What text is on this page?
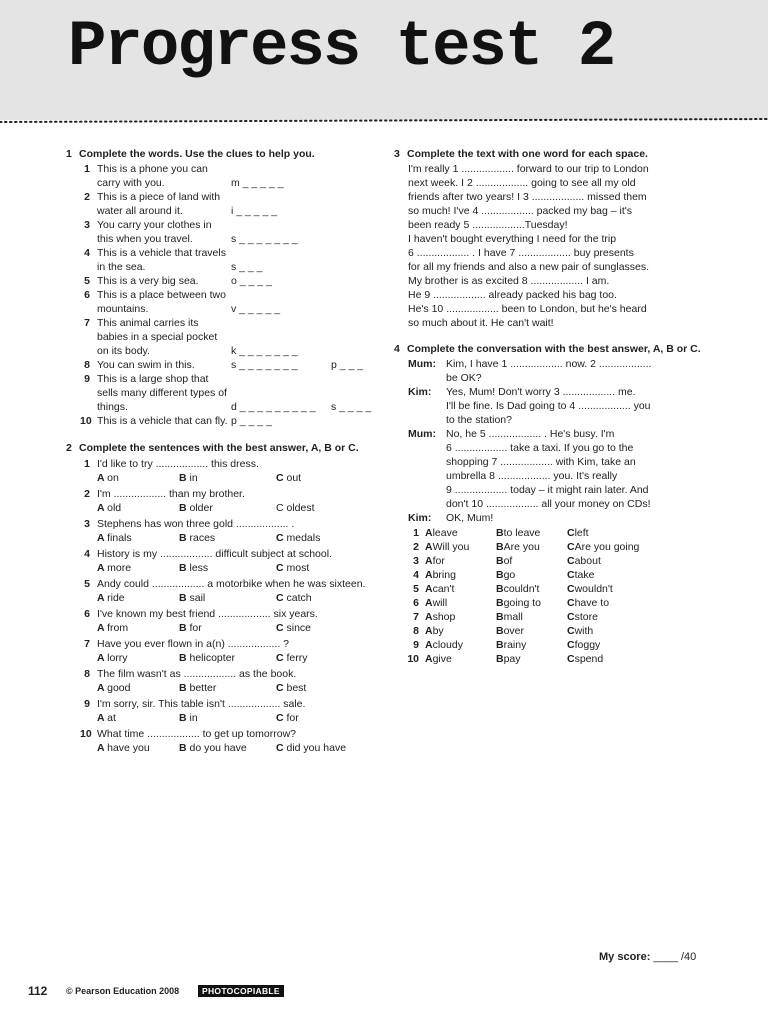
Progress test 2
1 Complete the words. Use the clues to help you.
1 This is a phone you can carry with you.	m _ _ _ _ _
2 This is a piece of land with water all around it.	i _ _ _ _ _
3 You carry your clothes in this when you travel.	s _ _ _ _ _ _ _
4 This is a vehicle that travels in the sea.	s _ _ _
5 This is a very big sea.	o _ _ _ _
6 This is a place between two mountains.	v _ _ _ _ _
7 This animal carries its babies in a special pocket on its body.	k _ _ _ _ _ _ _
8 You can swim in this.	s _ _ _ _ _ _ _	p _ _ _
9 This is a large shop that sells many different types of things.	d _ _ _ _ _ _ _ _ _ s _ _ _ _
10 This is a vehicle that can fly. p _ _ _ _
2 Complete the sentences with the best answer, A, B or C.
1 I'd like to try .................. this dress.
A on	B in	C out
2 I'm .................. than my brother.
A old	B older	C oldest
3 Stephens has won three gold .................. .
A finals	B races	C medals
4 History is my .................. difficult subject at school.
A more	B less	C most
5 Andy could .................. a motorbike when he was sixteen.
A ride	B sail	C catch
6 I've known my best friend .................. six years.
A from	B for	C since
7 Have you ever flown in a(n) .................. ?
A lorry	B helicopter	C ferry
8 The film wasn't as .................. as the book.
A good	B better	C best
9 I'm sorry, sir. This table isn't .................. sale.
A at	B in	C for
10 What time .................. to get up tomorrow?
A have you	B do you have	C did you have
3 Complete the text with one word for each space.
I'm really 1 .................. forward to our trip to London
next week. I 2 .................. going to see all my old
friends after two years! I 3 .................. missed them
so much! I've 4 .................. packed my bag – it's
been ready 5 ..................Tuesday!
I haven't bought everything I need for the trip
6 .................. . I have 7 .................. buy presents
for all my friends and also a new pair of sunglasses.
My brother is as excited 8 .................. I am.
He 9 .................. already packed his bag too.
He's 10 .................. been to London, but he's heard
so much about it. He can't wait!
4 Complete the conversation with the best answer, A, B or C.
Mum: Kim, I have 1 .................. now. 2 ..................
be OK?
Kim:	Yes, Mum! Don't worry 3 .................. me.
I'll be fine. Is Dad going to 4 .................. you
to the station?
Mum: No, he 5 .................. . He's busy. I'm
6 .................. take a taxi. If you go to the
shopping 7 .................. with Kim, take an
umbrella 8 .................. you. It's really
9 .................. today – it might rain later. And
don't 10 .................. all your money on CDs!
Kim:	OK, Mum!
1 A leave	B to leave	C left
2 A Will you	B Are you	C Are you going
3 A for	B of	C about
4 A bring	B go	C take
5 A can't	B couldn't	C wouldn't
6 A will	B going to C have to
7 A shop	B mall	C store
8 A by	B over	C with
9 A cloudy	B rainy	C foggy
10 A give	B pay	C spend
My score: ____ /40
112 © Pearson Education 2008	PHOTOCOPIABLE
